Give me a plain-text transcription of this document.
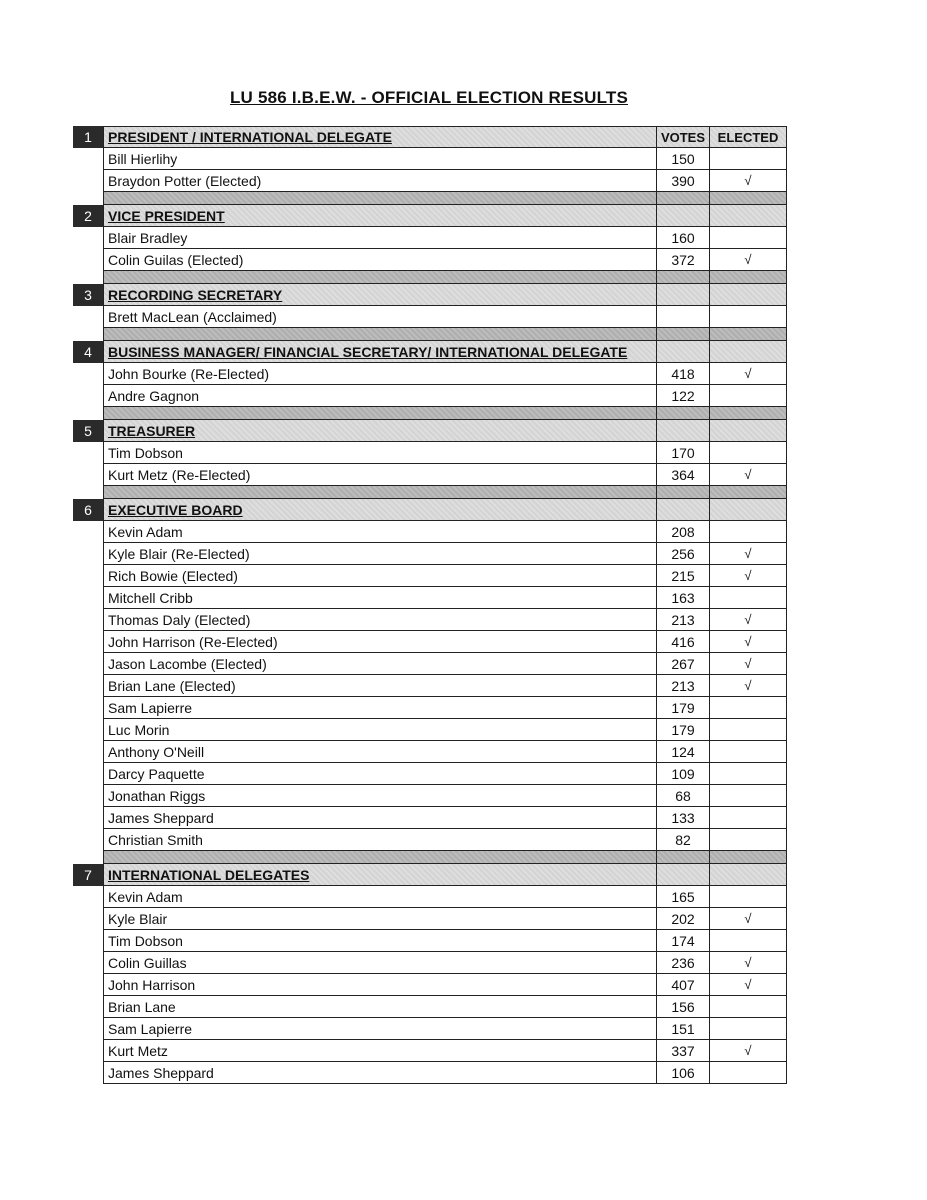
LU 586 I.B.E.W. - OFFICIAL ELECTION RESULTS
1	PRESIDENT / INTERNATIONAL DELEGATE	VOTES ELECTED
Bill Hierlihy	150
Braydon Potter (Elected)	390	√
2	VICE PRESIDENT
Blair Bradley	160
Colin Guilas (Elected)	372	√
3	RECORDING SECRETARY
Brett MacLean (Acclaimed)
4	BUSINESS MANAGER/ FINANCIAL SECRETARY/ INTERNATIONAL DELEGATE
John Bourke (Re-Elected)	418	√
Andre Gagnon	122
5	TREASURER
Tim Dobson	170
Kurt Metz (Re-Elected)	364	√
6	EXECUTIVE BOARD
Kevin Adam	208
Kyle Blair (Re-Elected)	256	√
Rich Bowie (Elected)	215	√
Mitchell Cribb	163
Thomas Daly (Elected)	213	√
John Harrison (Re-Elected)	416	√
Jason Lacombe (Elected)	267	√
Brian Lane (Elected)	213	√
Sam Lapierre	179
Luc Morin	179
Anthony O'Neill	124
Darcy Paquette	109
Jonathan Riggs	68
James Sheppard	133
Christian Smith	82
7	INTERNATIONAL DELEGATES
Kevin Adam	165
Kyle Blair	202	√
Tim Dobson	174
Colin Guillas	236	√
John Harrison	407	√
Brian Lane	156
Sam Lapierre	151
Kurt Metz	337	√
James Sheppard	106
